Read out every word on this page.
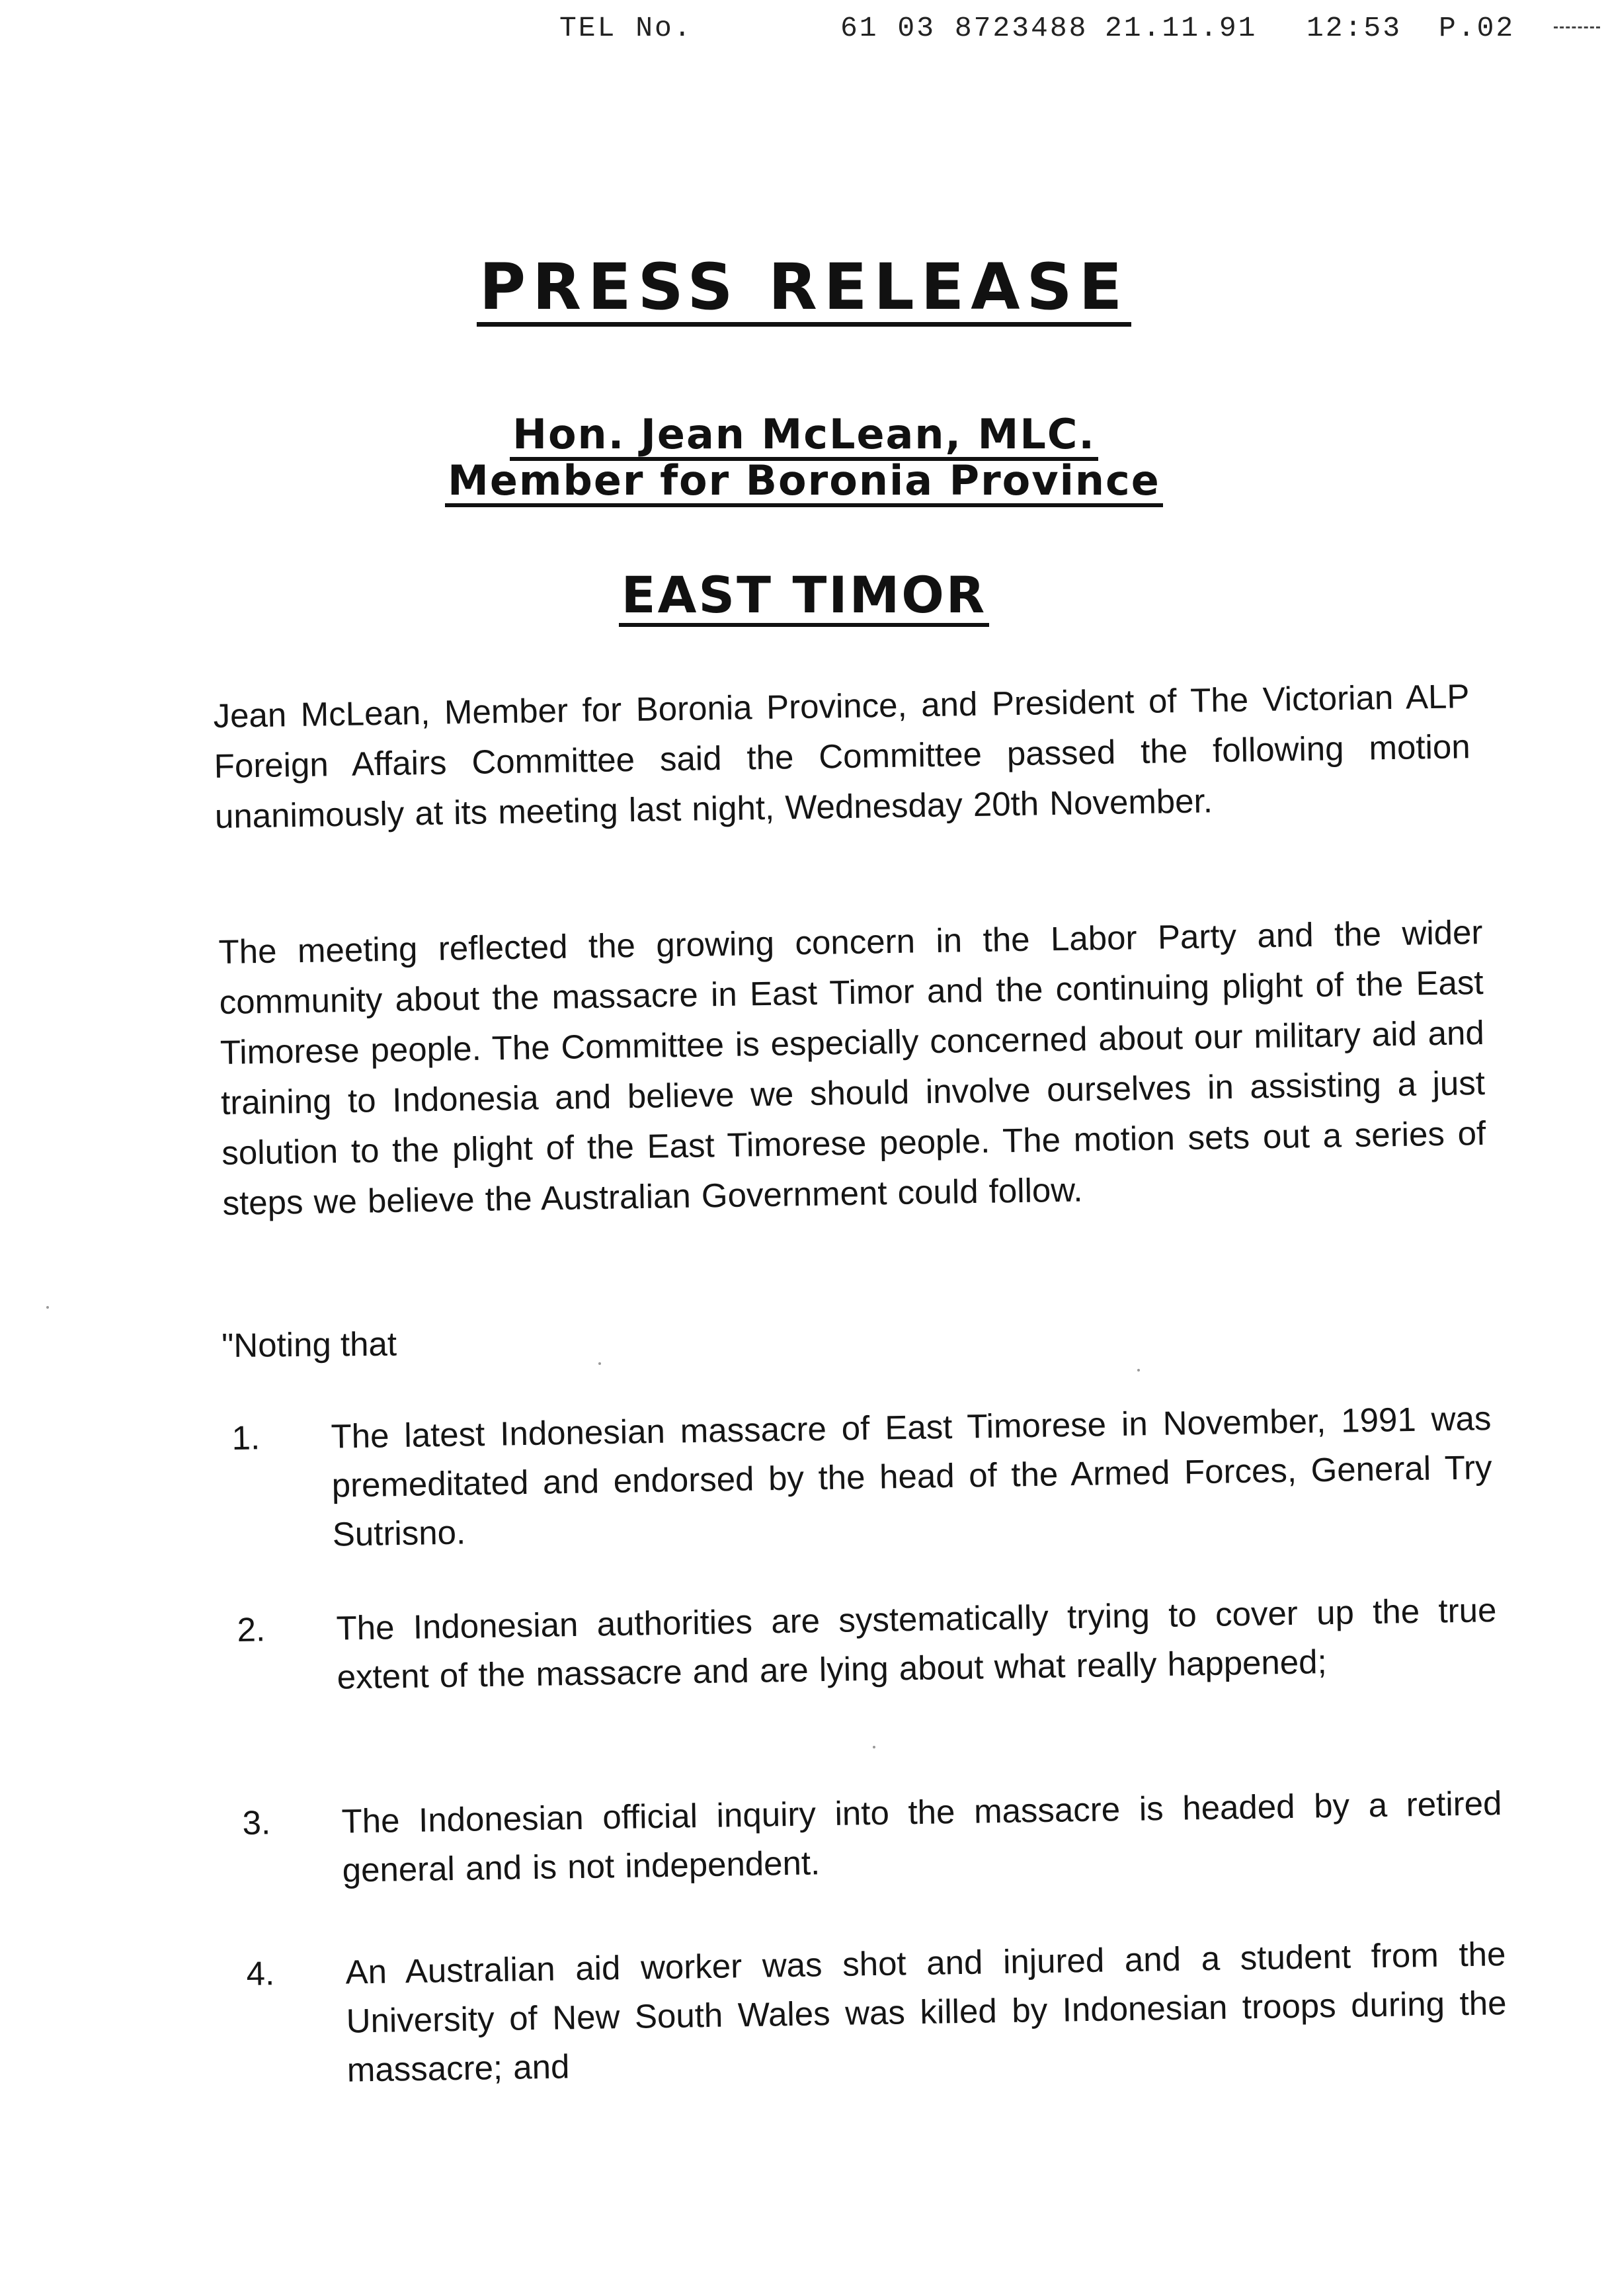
TEL No.	61 03 8723488 21.11.91 12:53 P.02
PRESS RELEASE
Hon. Jean McLean, MLC.
Member for Boronia Province
EAST TIMOR
Jean McLean, Member for Boronia Province, and President of The Victorian ALP Foreign Affairs Committee said the Committee passed the following motion unanimously at its meeting last night, Wednesday 20th November.
The meeting reflected the growing concern in the Labor Party and the wider community about the massacre in East Timor and the continuing plight of the East Timorese people. The Committee is especially concerned about our military aid and training to Indonesia and believe we should involve ourselves in assisting a just solution to the plight of the East Timorese people. The motion sets out a series of steps we believe the Australian Government could follow.
"Noting that
1.	The latest Indonesian massacre of East Timorese in November, 1991 was premeditated and endorsed by the head of the Armed Forces, General Try Sutrisno.
2.	The Indonesian authorities are systematically trying to cover up the true extent of the massacre and are lying about what really happened;
3.	The Indonesian official inquiry into the massacre is headed by a retired general and is not independent.
4.	An Australian aid worker was shot and injured and a student from the University of New South Wales was killed by Indonesian troops during the massacre; and
